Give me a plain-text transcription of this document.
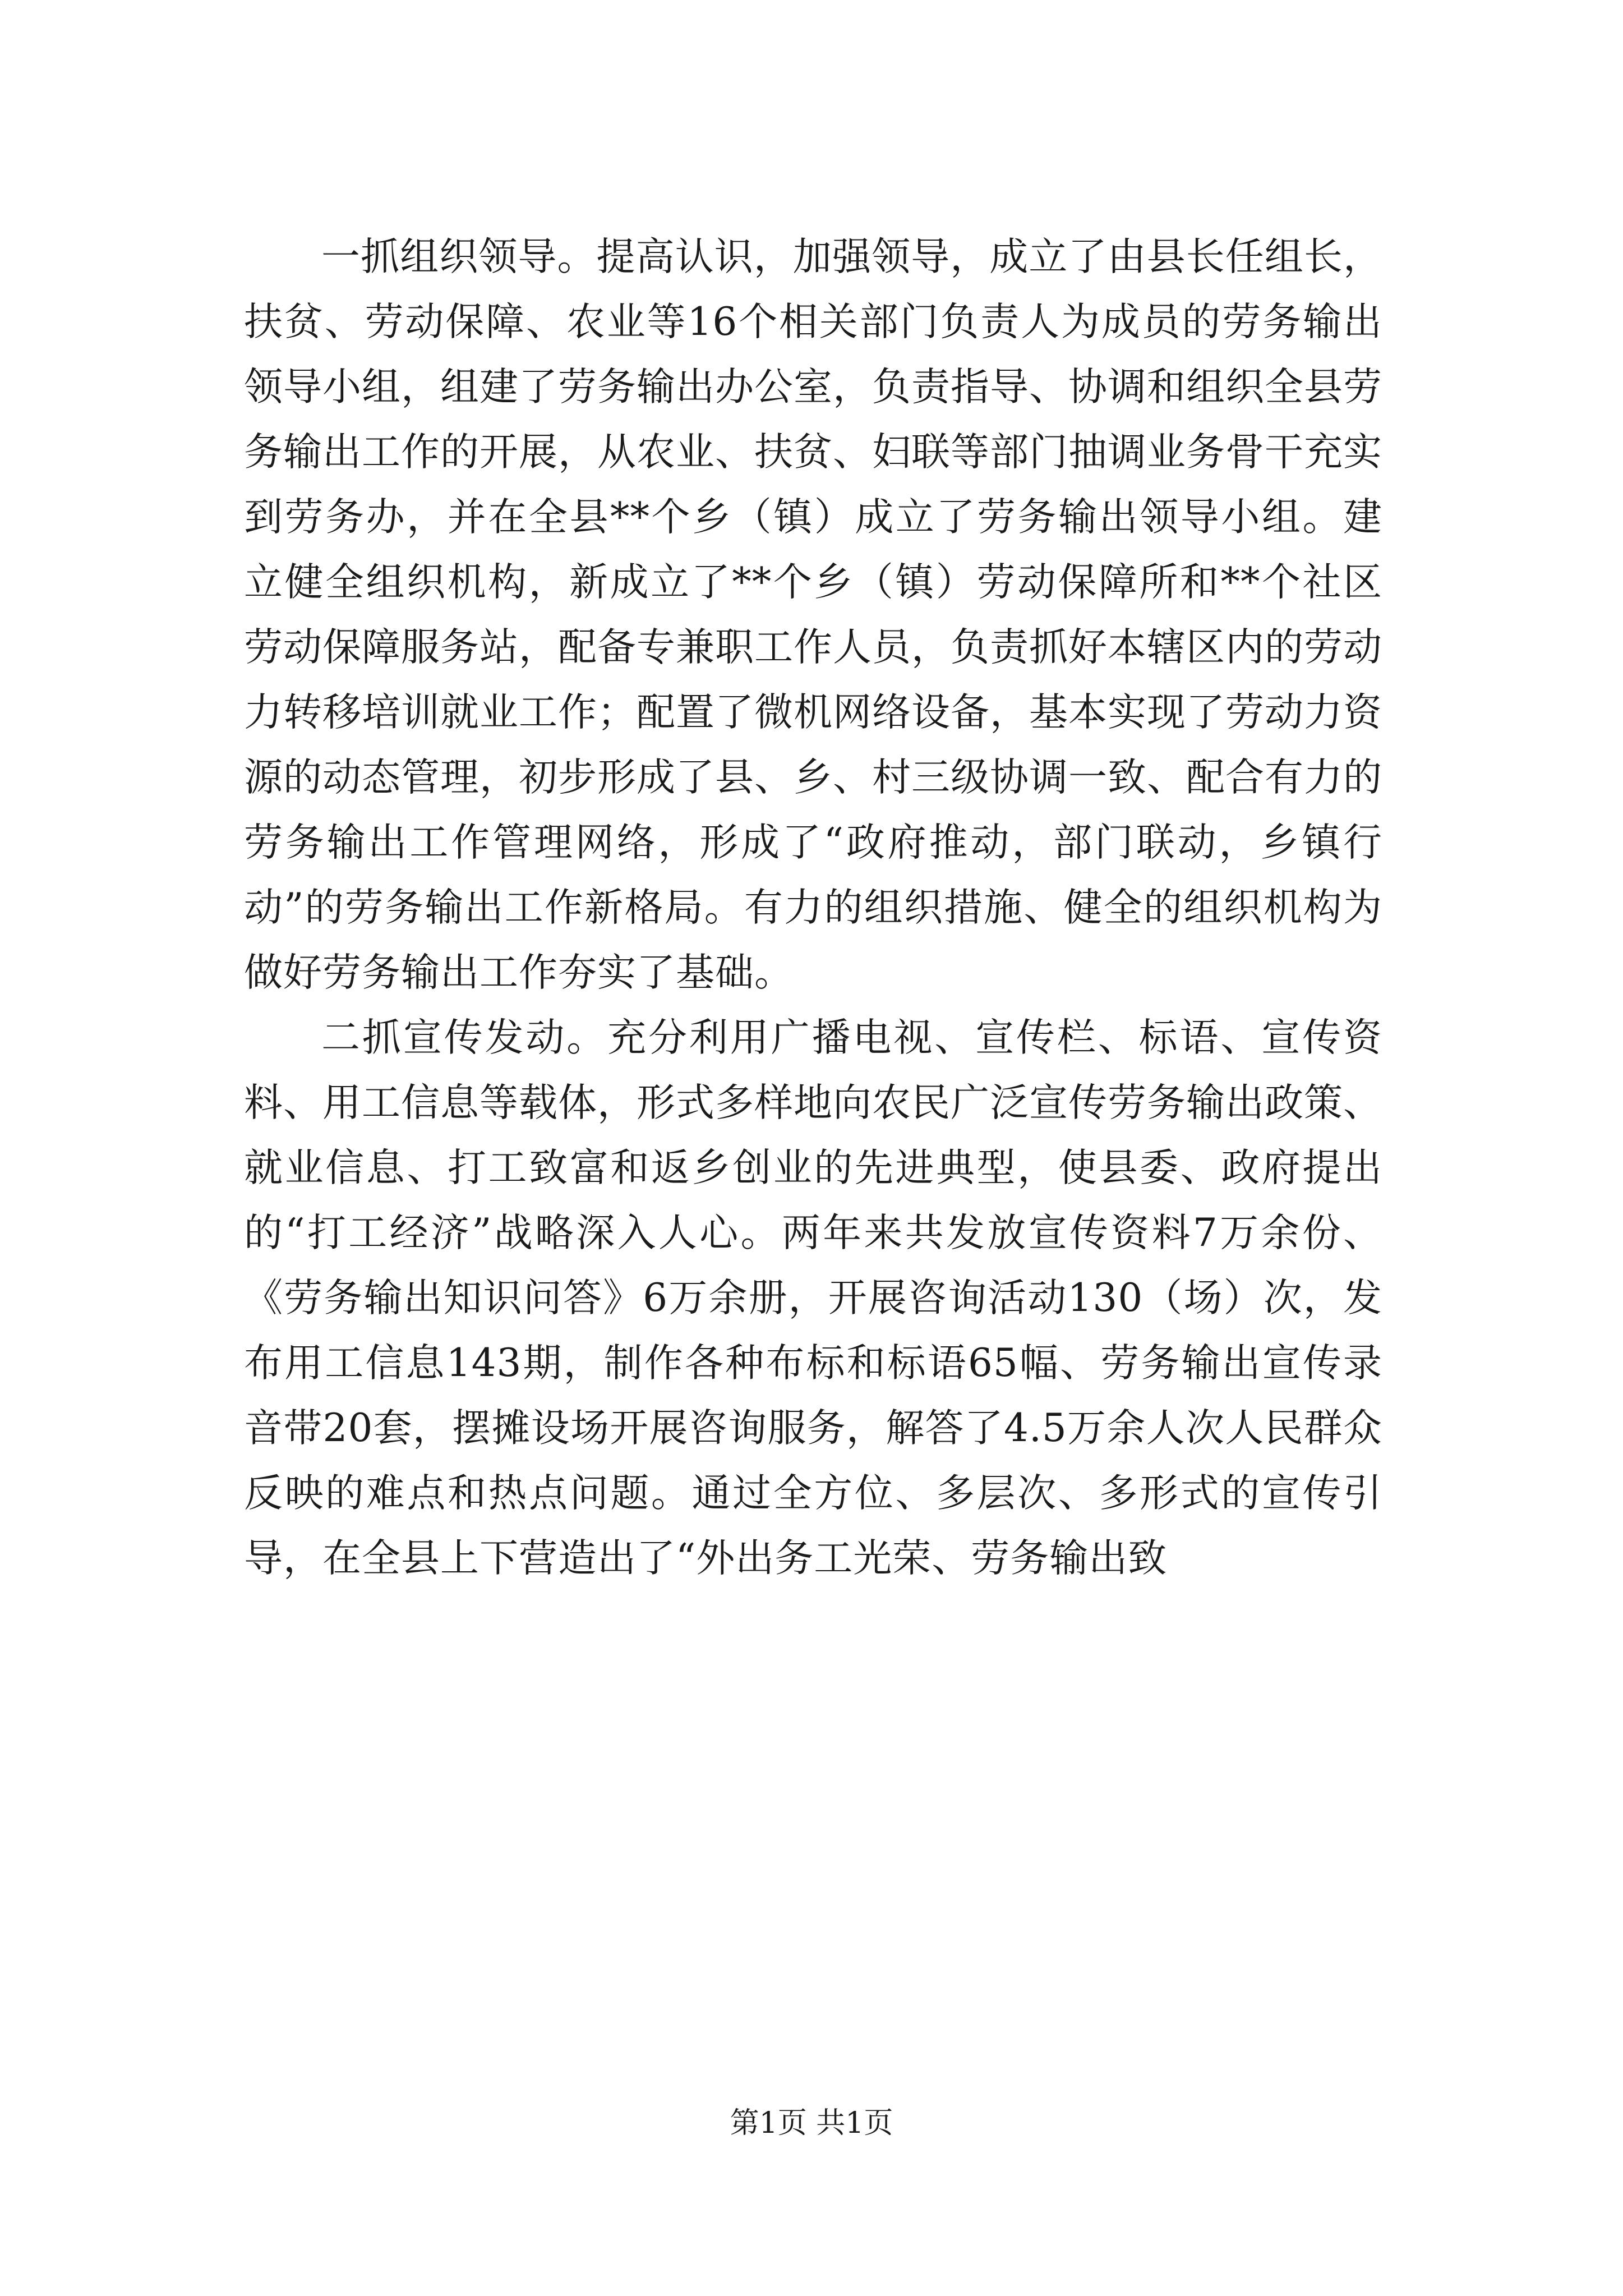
一抓组织领导。提高认识，加强领导，成立了由县长任组长，扶贫、劳动保障、农业等16个相关部门负责人为成员的劳务输出领导小组，组建了劳务输出办公室，负责指导、协调和组织全县劳务输出工作的开展，从农业、扶贫、妇联等部门抽调业务骨干充实到劳务办，并在全县**个乡（镇）成立了劳务输出领导小组。建立健全组织机构，新成立了**个乡（镇）劳动保障所和**个社区劳动保障服务站，配备专兼职工作人员，负责抓好本辖区内的劳动力转移培训就业工作；配置了微机网络设备，基本实现了劳动力资源的动态管理，初步形成了县、乡、村三级协调一致、配合有力的劳务输出工作管理网络，形成了“政府推动，部门联动，乡镇行动”的劳务输出工作新格局。有力的组织措施、健全的组织机构为做好劳务输出工作夯实了基础。

二抓宣传发动。充分利用广播电视、宣传栏、标语、宣传资料、用工信息等载体，形式多样地向农民广泛宣传劳务输出政策、就业信息、打工致富和返乡创业的先进典型，使县委、政府提出的“打工经济”战略深入人心。两年来共发放宣传资料7万余份、《劳务输出知识问答》6万余册，开展咨询活动130（场）次，发布用工信息143期，制作各种布标和标语65幅、劳务输出宣传录音带20套，摆摊设场开展咨询服务，解答了4.5万余人次人民群众反映的难点和热点问题。通过全方位、多层次、多形式的宣传引导，在全县上下营造出了“外出务工光荣、劳务输出致

第1页 共1页
